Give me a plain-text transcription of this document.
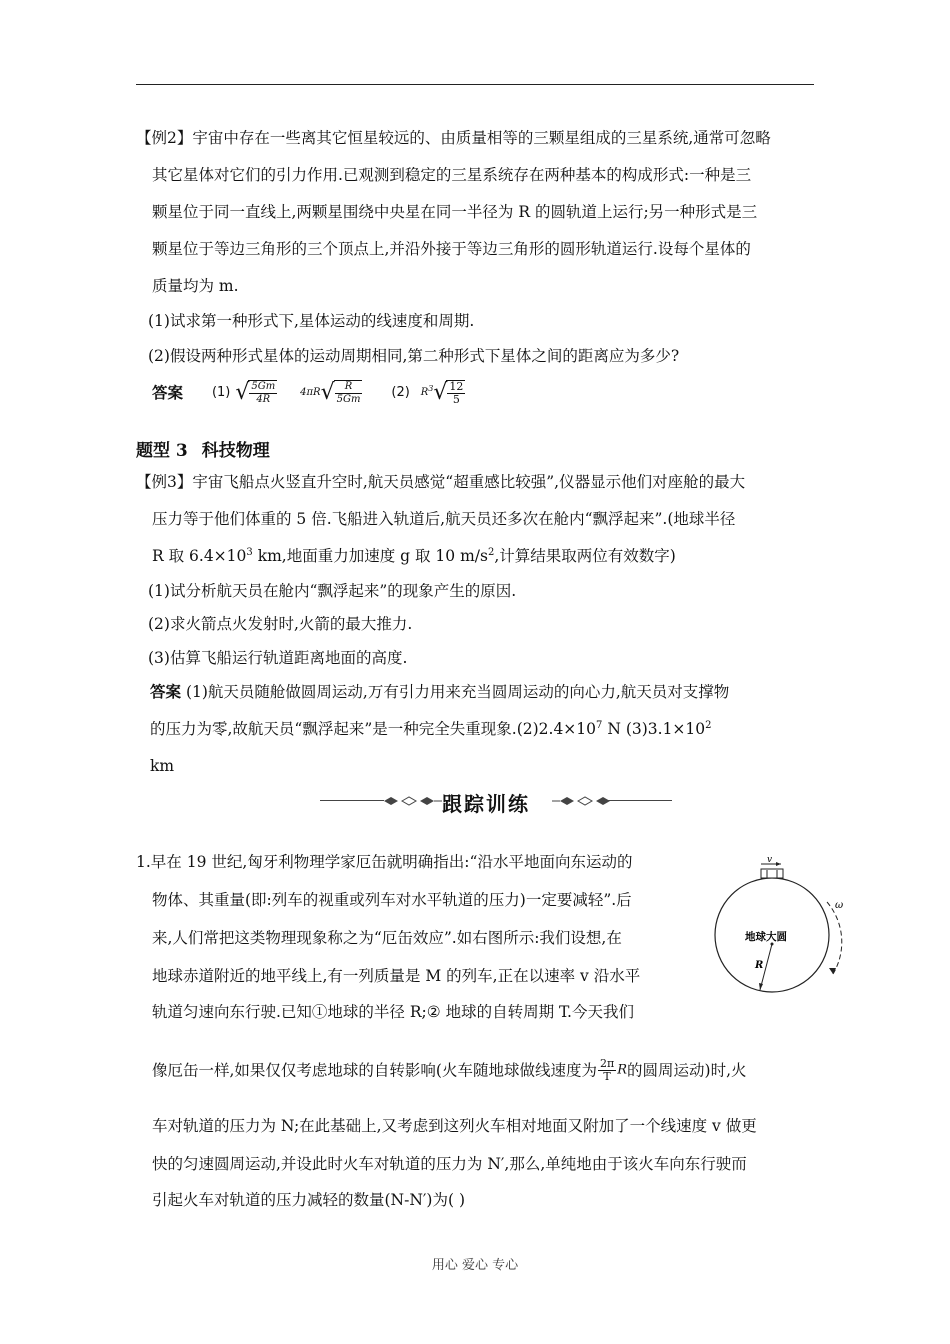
【例2】宇宙中存在一些离其它恒星较远的、由质量相等的三颗星组成的三星系统,通常可忽略
其它星体对它们的引力作用.已观测到稳定的三星系统存在两种基本的构成形式:一种是三
颗星位于同一直线上,两颗星围绕中央星在同一半径为 R 的圆轨道上运行;另一种形式是三
颗星位于等边三角形的三个顶点上,并沿外接于等边三角形的圆形轨道运行.设每个星体的
质量均为 m.
(1)试求第一种形式下,星体运动的线速度和周期.
(2)假设两种形式星体的运动周期相同,第二种形式下星体之间的距离应为多少?
答案 (1) √ $\frac{5Gm}{4R} 4\pi R√ \frac{R}{5Gm} (2)$ $R^3√ \frac{12}{5}$
题型 3 科技物理
【例3】宇宙飞船点火竖直升空时,航天员感觉“超重感比较强”,仪器显示他们对座舱的最大
压力等于他们体重的 5 倍.飞船进入轨道后,航天员还多次在舱内“飘浮起来”.(地球半径
R 取 $6.4\times 10^3$ km,地面重力加速度 g 取 10 $m/s^2$,计算结果取两位有效数字)
(1)试分析航天员在舱内“飘浮起来”的现象产生的原因.
(2)求火箭点火发射时,火箭的最大推力.
(3)估算飞船运行轨道距离地面的高度.
答案 (1)航天员随舱做圆周运动,万有引力用来充当圆周运动的向心力,航天员对支撑物
的压力为零,故航天员“飘浮起来”是一种完全失重现象$.(2)2.4\times 10^7$ N $(3)3.1\times 10^2$
km
跟踪训练
1.早在 19 世纪,匈牙利物理学家厄缶就明确指出:“沿水平地面向东运动的
物体、其重量(即:列车的视重或列车对水平轨道的压力)一定要减轻”.后
来,人们常把这类物理现象称之为“厄缶效应”.如右图所示:我们设想,在
地球赤道附近的地平线上,有一列质量是 M 的列车,正在以速率 v 沿水平
轨道匀速向东行驶.已知①地球的半径 R;② 地球的自转周期 T.今天我们
像厄缶一样,如果仅仅考虑地球的自转影响(火车随地球做线速度为 $\frac{2\pi}{T}$ R的圆周运动)时,火
车对轨道的压力为 N;在此基础上,又考虑到这列火车相对地面又附加了一个线速度 v 做更
快的匀速圆周运动,并设此时火车对轨道的压力为 N′,那么,单纯地由于该火车向东行驶而
引起火车对轨道的压力减轻的数量(N-N′)为( )
v
ω
地球大圆
R
用心 爱心 专心
